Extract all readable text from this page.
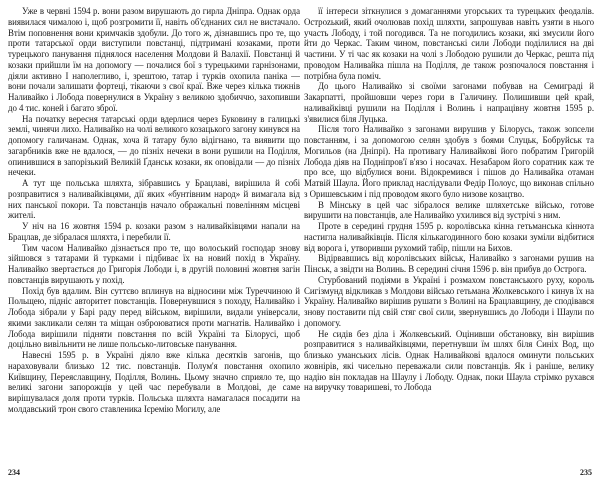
Уже в червні 1594 р. вони разом вирушають до гирла Дніпра. Однак орда виявилася чималою і, щоб розгромити її, навіть об'єднаних сил не вистачало. Втім поповнення вони кримчаків здобули. До того ж, дізнавшись про те, що проти татарської орди виступили повстанці, підтримані козаками, проти турецького панування піднялося населення Молдови й Валахії. Повстанці й козаки прийшли їм на допомогу — почалися бої з турецькими гарнізонами, діяли активно І наполегливо, і, зрештою, татар і турків охопила паніка — вони почали залишати фортеці, тікаючи з свої краї. Вже через кілька тижнів Наливайко і Лобода повернулися в Україну з великою здобиччю, захопивши до 4 тис. коней і багато зброї.

На початку вересня татарські орди вдерлися через Буковину в галицькі землі, чинячи лихо. Наливайко на чолі великого козацького загону кинувся на допомогу галичанам. Однак, хоча й татару було відігнано, та виявити що загарбників вже не вдалося, — до пізніх нечеки в вони рушили на Поділля, опинившися в запорізький Великій Ґданськ козаки, як оповідали — до пізніх нечеки.

А тут ще польська шляхта, зібравшись у Брацлаві, вирішила й собі розправитися з наливайківцями, дії яких «бунтівним народ» й вимагала від них панської покори. Та повстанців начало ображальні повелінням місцеві жителі.

У ніч на 16 жовтня 1594 р. козаки разом з наливайківцями напали на Брацлав, де зібралася шляхта, і перебили її.

Тим часом Наливайко дізнається про те, що волоський господар знову зійшовся з татарами й турками і підбиває їх на новий похід в Україну. Наливайко звертається до Григорія Лободи і, в другій половині жовтня загін повстанців вирушають у похід.

Похід був вдалим. Він суттєво вплинув на відносини між Туреччиною й Польщею, підніс авторитет повстанців. Повернувшися з походу, Наливайко і Лобода зібрали у Барі раду перед військом, вирішили, видали універсали, якими закликали селян та міщан озброюватися проти магнатів. Наливайко і Лобода вирішили підняти повстання по всій Україні та Білорусі, щоб доцільно вивільнити не лише польсько-литовське панування.

Навесні 1595 р. в Україні діяло вже кілька десятків загонів, що нараховували близько 12 тис. повстанців. Полум'я повстання охопило Київщину, Переяславщину, Поділля, Волинь. Цьому значно сприяло те, що великі загони запорожців у цей час перебували в Молдові, де саме вирішувалася доля проти турків. Польська шляхта намагалася посадити на молдавський трон свого ставленика Ієремію Могилу, але

234

її інтереси зіткнулися з домаганнями угорських та турецьких феодалів. Остроzький, який очолював похід шляхти, запрошував навіть узяти в нього участь Лободу, і той погодився. Та не погодились козаки, які змусили його йти до Черкас. Таким чином, повстанські сили Лободи поділилися на дві частини. У ті час як козаки на чолі з Лободою рушили до Черкас, решта під проводом Наливайка пішла на Поділля, де також розпочалося повстання і потрібна була поміч.

До цього Наливайко зі своїми загонами побував на Семиграді й Закарпатті, пройшовши через гори в Галичину. Полишивши цей край, наливайківці рушили на Поділля і Волинь і напрацівну жовтня 1595 р. з'явилися біля Луцька.

Після того Наливайко з загонами вирушив у Білорусь, також зопсели повстанням, і за допомогою селян здобув з боями Слуцьк, Бобруйськ та Могильов (на Дніпрі). На противагу Наливайкові його побратим Григорій Лобода діяв на Подніпров'ї в'язо і носачах. Незабаром його соратник каж те про все, що відбулися вони. Відокремився і пішов до Наливайка отаман Матвій Шаула. Його приклад наслідували Федір Полоус, що виконав спільно з Оришевським і під проводом якого було низове козацтво.

В Мінську в цей час зібралося велике шляхетське військо, готове вирушити на повстанців, але Наливайко ухилився від зустрічі з ним.

Проте в середині грудня 1595 р. королівська кінна гетьманська кіннота настигла наливайківців. Після кількагодинного бою козаки зуміли відбитися від ворога і, утворивши рухомий табір, пішли на Бихов.

Відірвавшись від королівських військ, Наливайко з загонами рушив на Пінськ, а звідти на Волинь. В середині січня 1596 р. він прибув до Острога.

Стурбований подіями в Україні і розмахом повстанського руху, король Сигізмунд відкликав з Молдови військо гетьмана Жолкевського і кинув їх на Україну. Наливайко вирішив рушати з Волині на Брацлавщину, де сподівався знову поставити під свій стяг свої сили, звернувшись до Лободи і Шаули по допомогу.

Не сидів без діла і Жолкевський. Оцінивши обстановку, він вирішив розправитися з наливайківцями, перетнувши їм шлях біля Синіх Вод, що близько уманських лісів. Однак Наливайкові вдалося оминути польських жовнірів, які чисельно переважали сили повстанців. Як і раніше, велику надію він покладав на Шаулу і Лободу. Однак, поки Шаула стрімко рухався на виручку товаришеві, то Лобода

235
